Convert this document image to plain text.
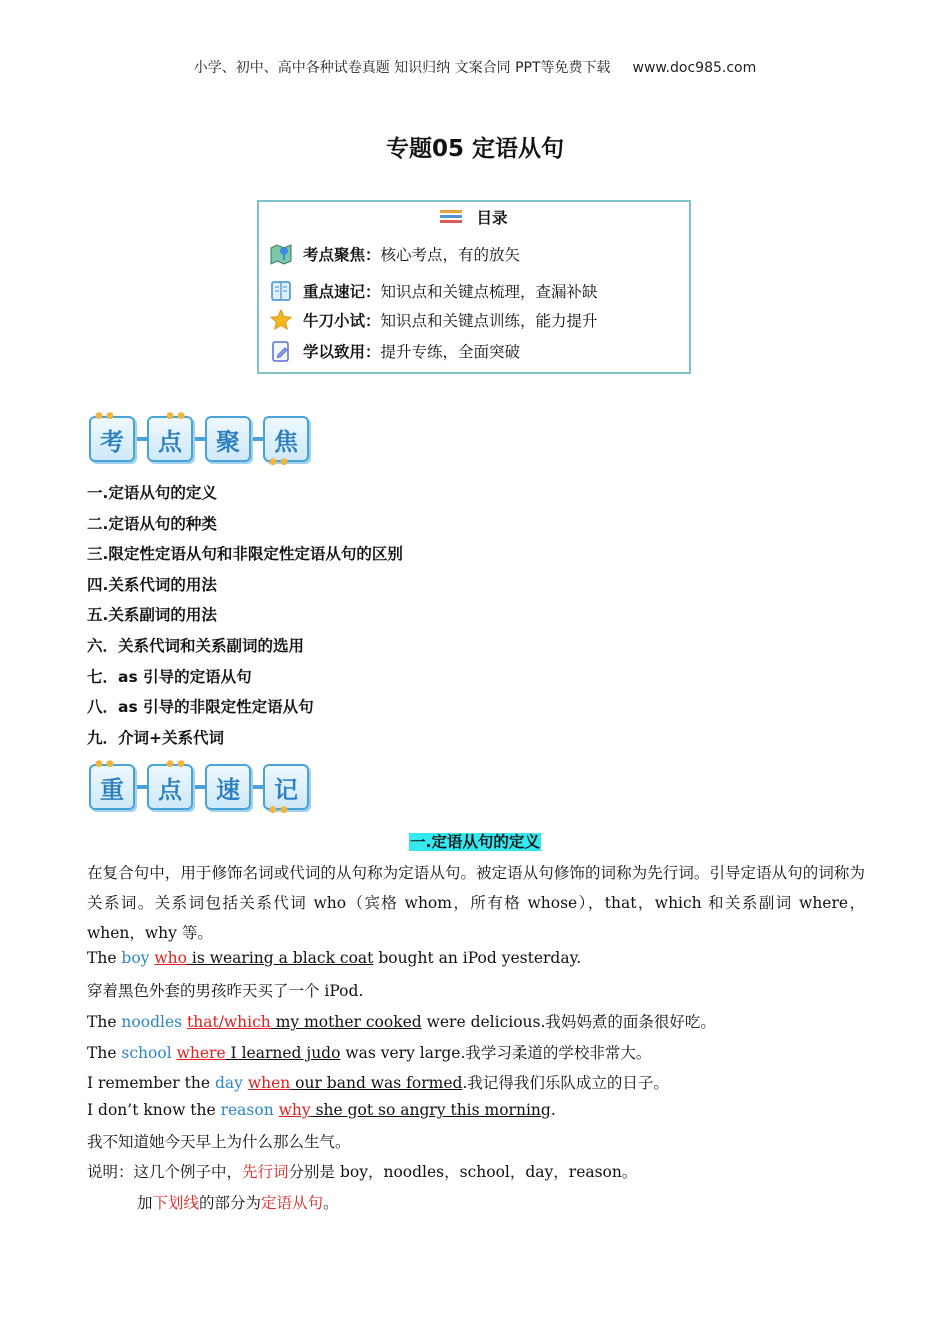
小学、初中、高中各种试卷真题 知识归纳 文案合同 PPT等免费下载 www.doc985.com
专题05 定语从句
目录
考点聚焦： 核心考点，有的放矢
重点速记： 知识点和关键点梳理，查漏补缺
牛刀小试： 知识点和关键点训练，能力提升
学以致用： 提升专练，全面突破
● ●
考
● ●
点 聚
● ●
焦
一.定语从句的定义
二.定语从句的种类
三.限定性定语从句和非限定性定语从句的区别
四.关系代词的用法
五.关系副词的用法
六．关系代词和关系副词的选用
七．as 引导的定语从句
八．as 引导的非限定性定语从句
九．介词+关系代词
● ●
重
● ●
点 速
● ●
记
一.定语从句的定义
在复合句中，用于修饰名词或代词的从句称为定语从句。被定语从句修饰的词称为先行词。引导定语从句的词称为关系词。关系词包括关系代词 who（宾格 whom，所有格 whose），that，which 和关系副词 where，when，why 等。
The boy who is wearing a black coat bought an iPod yesterday.
穿着黑色外套的男孩昨天买了一个 iPod.
The noodles that/which my mother cooked were delicious.我妈妈煮的面条很好吃。
The school where I learned judo was very large.我学习柔道的学校非常大。
I remember the day when our band was formed.我记得我们乐队成立的日子。
I don’t know the reason why she got so angry this morning.
我不知道她今天早上为什么那么生气。
说明：这几个例子中，先行词分别是 boy，noodles，school，day，reason。
加下划线的部分为定语从句。
